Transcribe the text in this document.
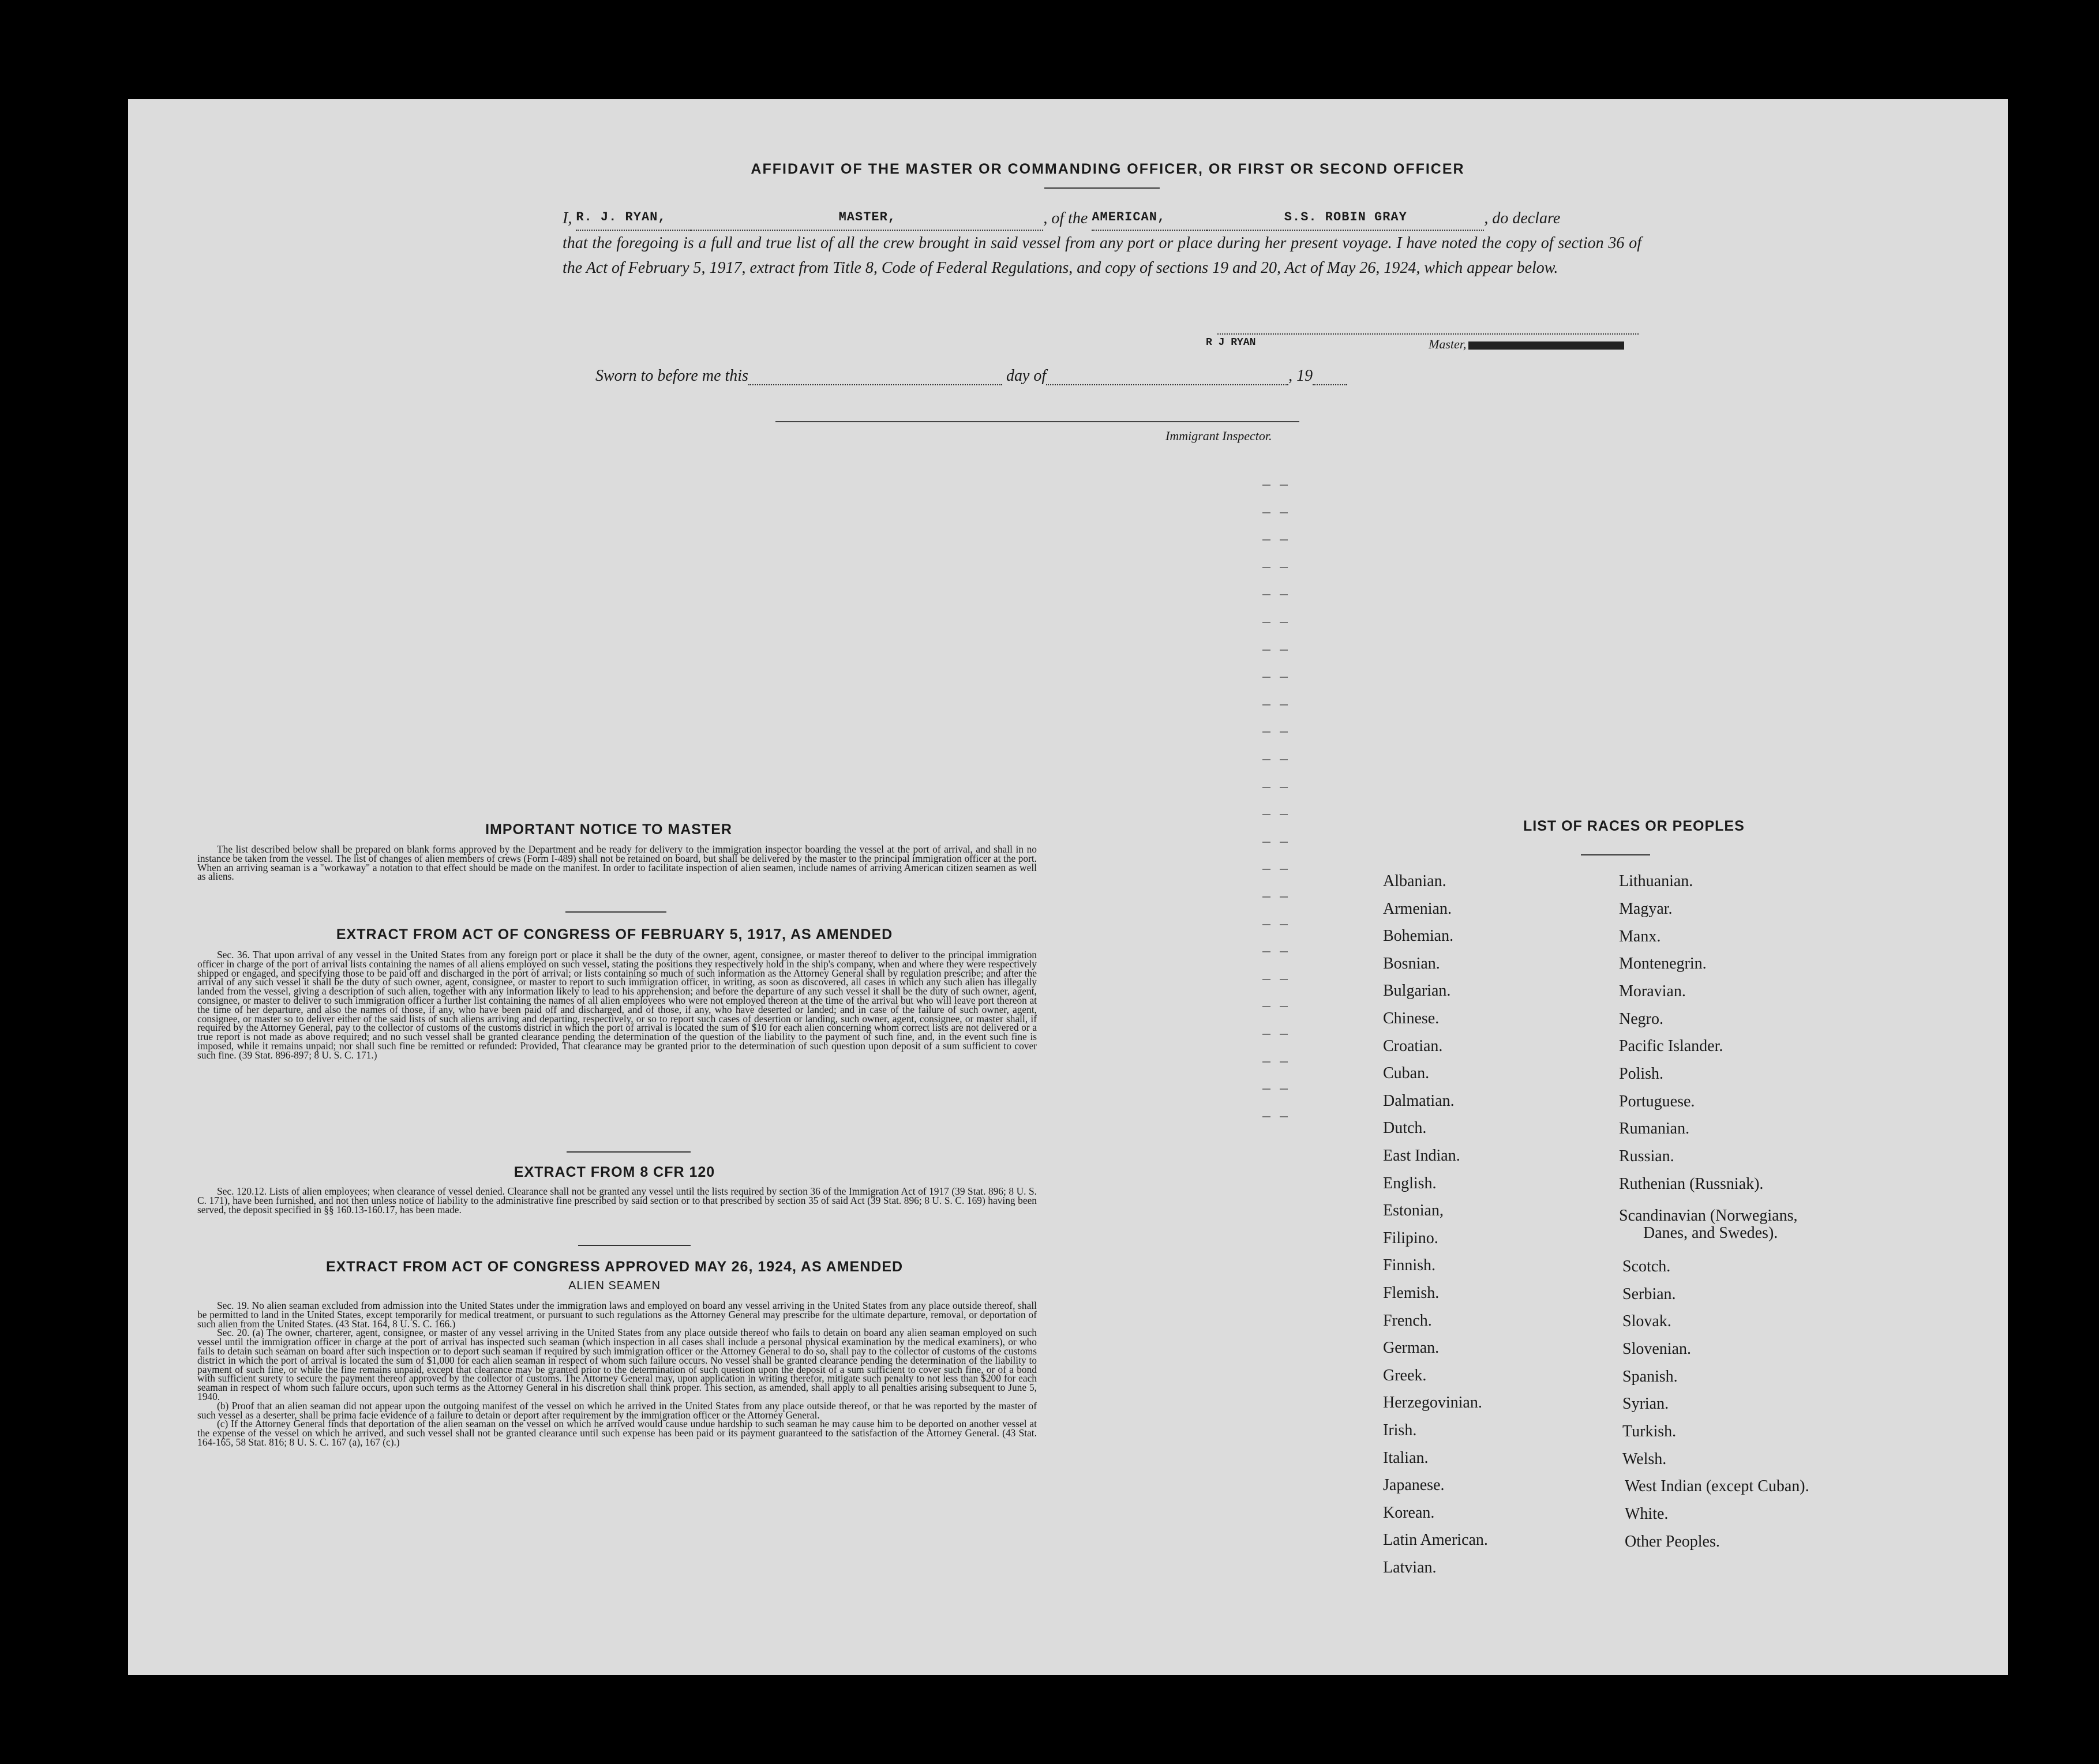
AFFIDAVIT OF THE MASTER OR COMMANDING OFFICER, OR FIRST OR SECOND OFFICER
I, R. J. RYAN,	MASTER,	, of the AMERICAN,	S.S. ROBIN GRAY	, do declare
that the foregoing is a full and true list of all the crew brought in said vessel from any port or place during her present voyage. I have noted the copy of section 36 of the Act of February 5, 1917, extract from Title 8, Code of Federal Regulations, and copy of sections 19 and 20, Act of May 26, 1924, which appear below.
R J RYAN	Master,
Sworn to before me this	day of	, 19
Immigrant Inspector.
IMPORTANT NOTICE TO MASTER

The list described below shall be prepared on blank forms approved by the Department and be ready for delivery to the immigration inspector boarding the vessel at the port of arrival, and shall in no instance be taken from the vessel. The list of changes of alien members of crews (Form I-489) shall not be retained on board, but shall be delivered by the master to the principal immigration officer at the port. When an arriving seaman is a "workaway" a notation to that effect should be made on the manifest. In order to facilitate inspection of alien seamen, include names of arriving American citizen seamen as well as aliens.

EXTRACT FROM ACT OF CONGRESS OF FEBRUARY 5, 1917, AS AMENDED

Sec. 36. That upon arrival of any vessel in the United States from any foreign port or place it shall be the duty of the owner, agent, consignee, or master thereof to deliver to the principal immigration officer in charge of the port of arrival lists containing the names of all aliens employed on such vessel, stating the positions they respectively hold in the ship's company, when and where they were respectively shipped or engaged, and specifying those to be paid off and discharged in the port of arrival; or lists containing so much of such information as the Attorney General shall by regulation prescribe; and after the arrival of any such vessel it shall be the duty of such owner, agent, consignee, or master to report to such immigration officer, in writing, as soon as discovered, all cases in which any such alien has illegally landed from the vessel, giving a description of such alien, together with any information likely to lead to his apprehension; and before the departure of any such vessel it shall be the duty of such owner, agent, consignee, or master to deliver to such immigration officer a further list containing the names of all alien employees who were not employed thereon at the time of the arrival but who will leave port thereon at the time of her departure, and also the names of those, if any, who have been paid off and discharged, and of those, if any, who have deserted or landed; and in case of the failure of such owner, agent, consignee, or master so to deliver either of the said lists of such aliens arriving and departing, respectively, or so to report such cases of desertion or landing, such owner, agent, consignee, or master shall, if required by the Attorney General, pay to the collector of customs of the customs district in which the port of arrival is located the sum of $10 for each alien concerning whom correct lists are not delivered or a true report is not made as above required; and no such vessel shall be granted clearance pending the determination of the question of the liability to the payment of such fine, and, in the event such fine is imposed, while it remains unpaid; nor shall such fine be remitted or refunded: Provided, That clearance may be granted prior to the determination of such question upon deposit of a sum sufficient to cover such fine. (39 Stat. 896-897; 8 U. S. C. 171.)

EXTRACT FROM 8 CFR 120

Sec. 120.12. Lists of alien employees; when clearance of vessel denied. Clearance shall not be granted any vessel until the lists required by section 36 of the Immigration Act of 1917 (39 Stat. 896; 8 U. S. C. 171), have been furnished, and not then unless notice of liability to the administrative fine prescribed by said section or to that prescribed by section 35 of said Act (39 Stat. 896; 8 U. S. C. 169) having been served, the deposit specified in §§ 160.13-160.17, has been made.

EXTRACT FROM ACT OF CONGRESS APPROVED MAY 26, 1924, AS AMENDED
ALIEN SEAMEN

Sec. 19. No alien seaman excluded from admission into the United States under the immigration laws and employed on board any vessel arriving in the United States from any place outside thereof, shall be permitted to land in the United States, except temporarily for medical treatment, or pursuant to such regulations as the Attorney General may prescribe for the ultimate departure, removal, or deportation of such alien from the United States. (43 Stat. 164, 8 U. S. C. 166.)

Sec. 20. (a) The owner, charterer, agent, consignee, or master of any vessel arriving in the United States from any place outside thereof who fails to detain on board any alien seaman employed on such vessel until the immigration officer in charge at the port of arrival has inspected such seaman (which inspection in all cases shall include a personal physical examination by the medical examiners), or who fails to detain such seaman on board after such inspection or to deport such seaman if required by such immigration officer or the Attorney General to do so, shall pay to the collector of customs of the customs district in which the port of arrival is located the sum of $1,000 for each alien seaman in respect of whom such failure occurs. No vessel shall be granted clearance pending the determination of the liability to payment of such fine, or while the fine remains unpaid, except that clearance may be granted prior to the determination of such question upon the deposit of a sum sufficient to cover such fine, or of a bond with sufficient surety to secure the payment thereof approved by the collector of customs. The Attorney General may, upon application in writing therefor, mitigate such penalty to not less than $200 for each seaman in respect of whom such failure occurs, upon such terms as the Attorney General in his discretion shall think proper. This section, as amended, shall apply to all penalties arising subsequent to June 5, 1940.

(b) Proof that an alien seaman did not appear upon the outgoing manifest of the vessel on which he arrived in the United States from any place outside thereof, or that he was reported by the master of such vessel as a deserter, shall be prima facie evidence of a failure to detain or deport after requirement by the immigration officer or the Attorney General.

(c) If the Attorney General finds that deportation of the alien seaman on the vessel on which he arrived would cause undue hardship to such seaman he may cause him to be deported on another vessel at the expense of the vessel on which he arrived, and such vessel shall not be granted clearance until such expense has been paid or its payment guaranteed to the satisfaction of the Attorney General. (43 Stat. 164-165, 58 Stat. 816; 8 U. S. C. 167 (a), 167 (c).)

LIST OF RACES OR PEOPLES
Albanian.
Armenian.
Bohemian.
Bosnian.
Bulgarian.
Chinese.
Croatian.
Cuban.
Dalmatian.
Dutch.
East Indian.
English.
Estonian,
Filipino.
Finnish.
Flemish.
French.
German.
Greek.
Herzegovinian.
Irish.
Italian.
Japanese.
Korean.
Latin American.
Latvian.
Lithuanian.
Magyar.
Manx.
Montenegrin.
Moravian.
Negro.
Pacific Islander.
Polish.
Portuguese.
Rumanian.
Russian.
Ruthenian (Russniak).
Scandinavian (Norwegians,
Danes, and Swedes).
Scotch.
Serbian.
Slovak.
Slovenian.
Spanish.
Syrian.
Turkish.
Welsh.
West Indian (except Cuban).
White.
Other Peoples.
